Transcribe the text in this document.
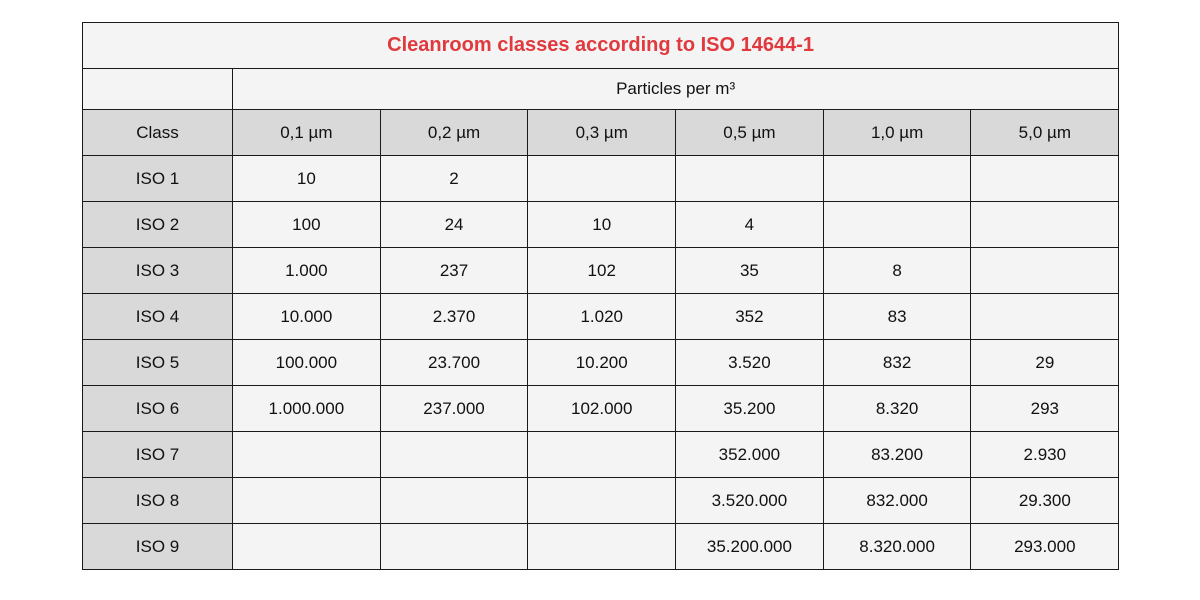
Cleanroom classes according to ISO 14644-1						
	Particles per m³					
Class	0,1 µm	0,2 µm	0,3 µm	0,5 µm	1,0 µm	5,0 µm
ISO 1	10	2				
ISO 2	100	24	10	4		
ISO 3	1.000	237	102	35	8	
ISO 4	10.000	2.370	1.020	352	83	
ISO 5	100.000	23.700	10.200	3.520	832	29
ISO 6	1.000.000	237.000	102.000	35.200	8.320	293
ISO 7				352.000	83.200	2.930
ISO 8				3.520.000	832.000	29.300
ISO 9				35.200.000	8.320.000	293.000
